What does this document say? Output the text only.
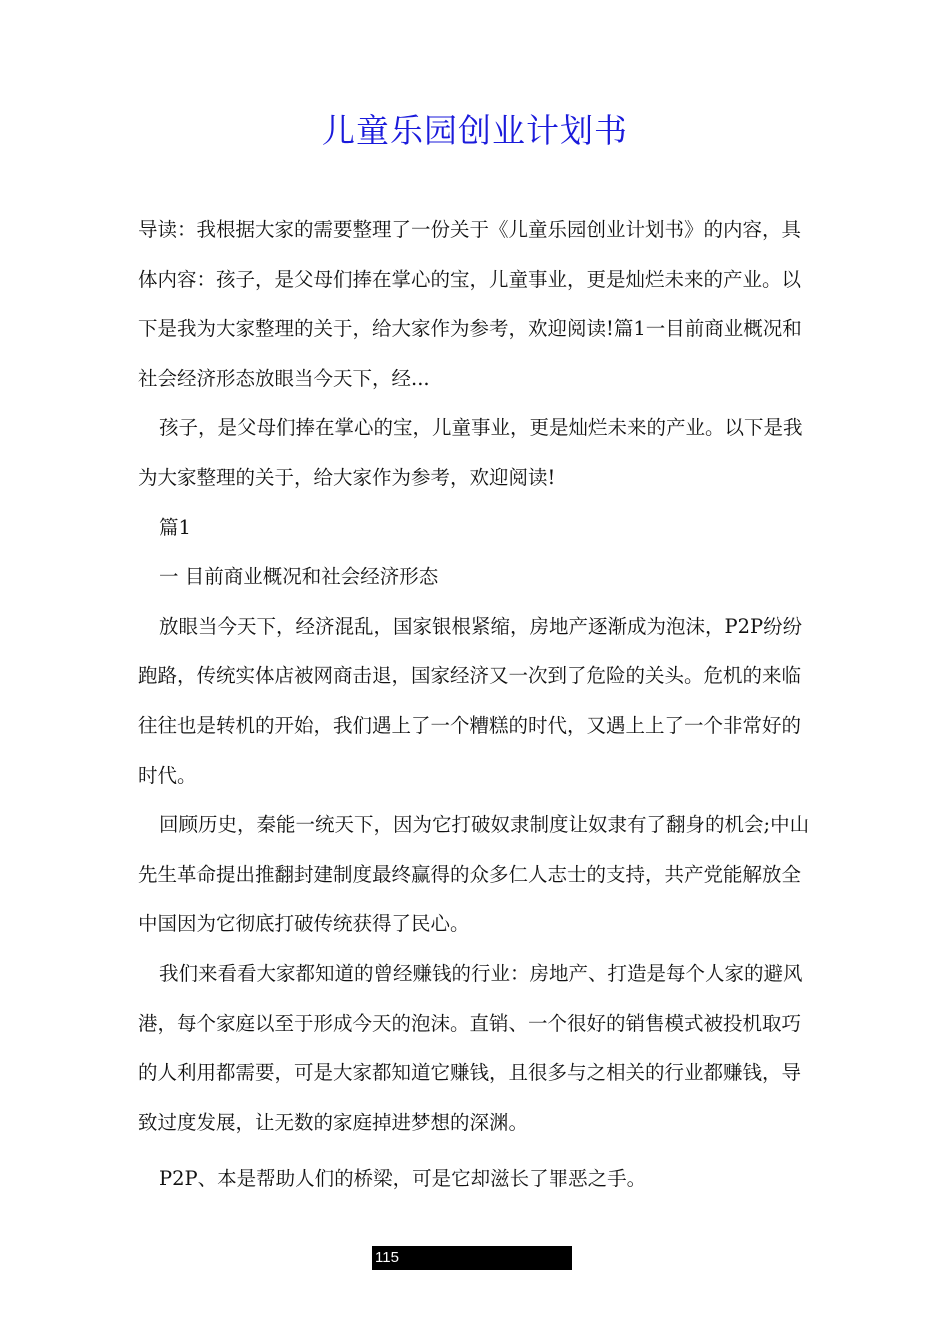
儿童乐园创业计划书

导读：我根据大家的需要整理了一份关于《儿童乐园创业计划书》的内容，具体内容：孩子，是父母们捧在掌心的宝，儿童事业，更是灿烂未来的产业。以下是我为大家整理的关于，给大家作为参考，欢迎阅读!篇1一目前商业概况和社会经济形态放眼当今天下，经...

孩子，是父母们捧在掌心的宝，儿童事业，更是灿烂未来的产业。以下是我为大家整理的关于，给大家作为参考，欢迎阅读!

篇1

一 目前商业概况和社会经济形态

放眼当今天下，经济混乱，国家银根紧缩，房地产逐渐成为泡沫，P2P纷纷跑路，传统实体店被网商击退，国家经济又一次到了危险的关头。危机的来临往往也是转机的开始，我们遇上了一个糟糕的时代，又遇上上了一个非常好的时代。

回顾历史，秦能一统天下，因为它打破奴隶制度让奴隶有了翻身的机会;中山先生革命提出推翻封建制度最终赢得的众多仁人志士的支持，共产党能解放全中国因为它彻底打破传统获得了民心。

我们来看看大家都知道的曾经赚钱的行业：房地产、打造是每个人家的避风港，每个家庭以至于形成今天的泡沫。直销、一个很好的销售模式被投机取巧的人利用都需要，可是大家都知道它赚钱，且很多与之相关的行业都赚钱，导致过度发展，让无数的家庭掉进梦想的深渊。

P2P、本是帮助人们的桥梁，可是它却滋长了罪恶之手。

115
